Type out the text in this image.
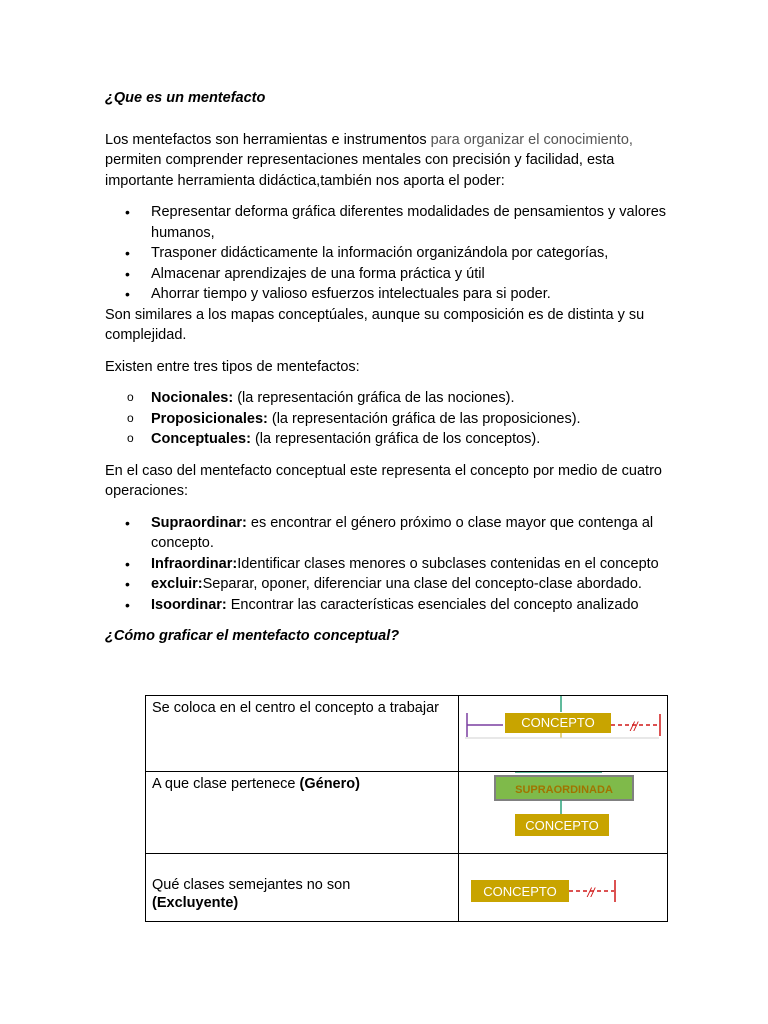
¿Que es un mentefacto

Los mentefactos son herramientas e instrumentos para organizar el conocimiento, permiten comprender representaciones mentales con precisión y facilidad, esta importante herramienta didáctica,también nos aporta el poder:

• Representar deforma gráfica diferentes modalidades de pensamientos y valores humanos,
• Trasponer didácticamente la información organizándola por categorías,
• Almacenar aprendizajes de una forma práctica y útil
• Ahorrar tiempo y valioso esfuerzos intelectuales para si poder.

Son similares a los mapas conceptúales, aunque su composición es de distinta y su complejidad.

Existen entre tres tipos de mentefactos:

o Nocionales: (la representación gráfica de las nociones).
o Proposicionales: (la representación gráfica de las proposiciones).
o Conceptuales: (la representación gráfica de los conceptos).

En el caso del mentefacto conceptual este representa el concepto por medio de cuatro operaciones:

• Supraordinar: es encontrar el género próximo o clase mayor que contenga al concepto.
• Infraordinar:Identificar clases menores o subclases contenidas en el concepto
• excluir:Separar, oponer, diferenciar una clase del concepto-clase abordado.
• Isoordinar: Encontrar las características esenciales del concepto analizado

¿Cómo graficar el mentefacto conceptual?

Se coloca en el centro el concepto a trabajar	CONCEPTO //

A que clase pertenece (Género)	SUPRAORDINADA
CONCEPTO

Qué clases semejantes no son
(Excluyente)	CONCEPTO //
